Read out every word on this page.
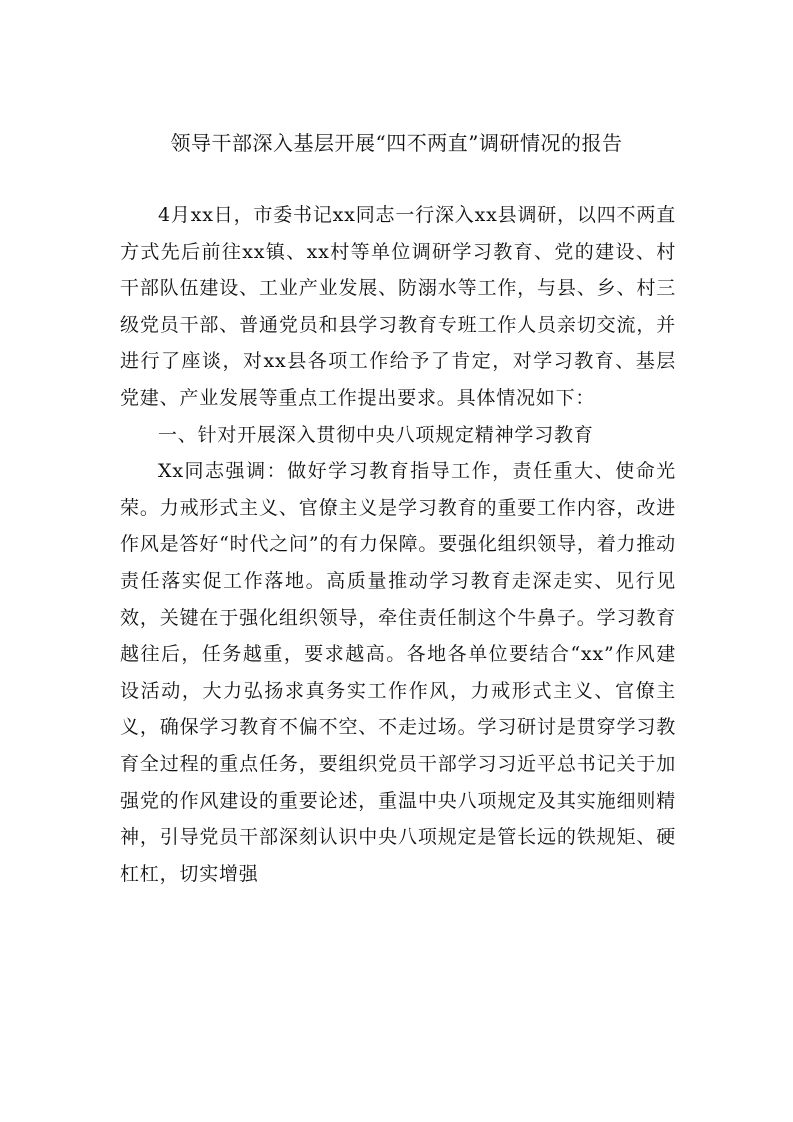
领导干部深入基层开展“四不两直”调研情况的报告

4月xx日，市委书记xx同志一行深入xx县调研，以四不两直方式先后前往xx镇、xx村等单位调研学习教育、党的建设、村干部队伍建设、工业产业发展、防溺水等工作，与县、乡、村三级党员干部、普通党员和县学习教育专班工作人员亲切交流，并进行了座谈，对xx县各项工作给予了肯定，对学习教育、基层党建、产业发展等重点工作提出要求。具体情况如下：

一、针对开展深入贯彻中央八项规定精神学习教育

Xx同志强调：做好学习教育指导工作，责任重大、使命光荣。力戒形式主义、官僚主义是学习教育的重要工作内容，改进作风是答好“时代之问”的有力保障。要强化组织领导，着力推动责任落实促工作落地。高质量推动学习教育走深走实、见行见效，关键在于强化组织领导，牵住责任制这个牛鼻子。学习教育越往后，任务越重，要求越高。各地各单位要结合“xx”作风建设活动，大力弘扬求真务实工作作风，力戒形式主义、官僚主义，确保学习教育不偏不空、不走过场。学习研讨是贯穿学习教育全过程的重点任务，要组织党员干部学习习近平总书记关于加强党的作风建设的重要论述，重温中央八项规定及其实施细则精神，引导党员干部深刻认识中央八项规定是管长远的铁规矩、硬杠杠，切实增强
